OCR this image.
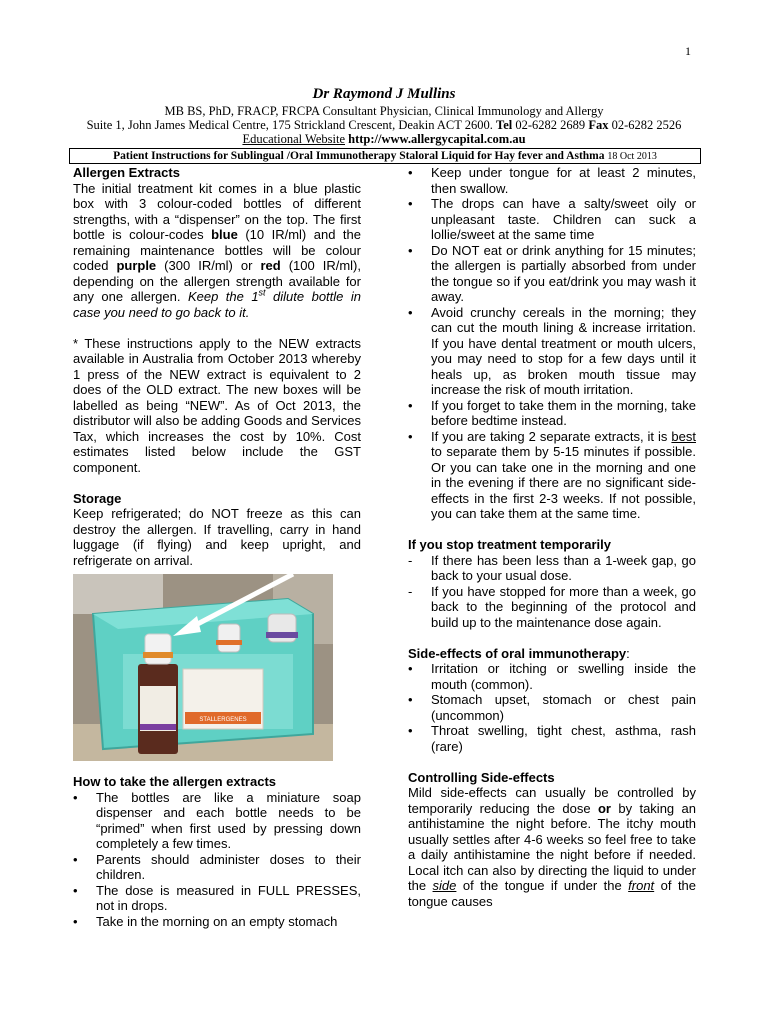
1
Dr Raymond J Mullins
MB BS, PhD, FRACP, FRCPA Consultant Physician, Clinical Immunology and Allergy
Suite 1, John James Medical Centre, 175 Strickland Crescent, Deakin ACT 2600. Tel 02-6282 2689 Fax 02-6282 2526
Educational Website http://www.allergycapital.com.au
Patient Instructions for Sublingual /Oral Immunotherapy Staloral Liquid for Hay fever and Asthma 18 Oct 2013
Allergen Extracts

The initial treatment kit comes in a blue plastic box with 3 colour-coded bottles of different strengths, with a “dispenser” on the top. The first bottle is colour-codes blue (10 IR/ml) and the remaining maintenance bottles will be colour coded purple (300 IR/ml) or red (100 IR/ml), depending on the allergen strength available for any one allergen. Keep the 1st dilute bottle in case you need to go back to it.

* These instructions apply to the NEW extracts available in Australia from October 2013 whereby 1 press of the NEW extract is equivalent to 2 does of the OLD extract. The new boxes will be labelled as being “NEW”. As of Oct 2013, the distributor will also be adding Goods and Services Tax, which increases the cost by 10%. Cost estimates listed below include the GST component.

Storage

Keep refrigerated; do NOT freeze as this can destroy the allergen. If travelling, carry in hand luggage (if flying) and keep upright, and refrigerate on arrival.

STALLERGENES
How to take the allergen extracts
• The bottles are like a miniature soap dispenser and each bottle needs to be “primed” when first used by pressing down completely a few times.
• Parents should administer doses to their children.
• The dose is measured in FULL PRESSES, not in drops.
• Take in the morning on an empty stomach
• Keep under tongue for at least 2 minutes, then swallow.
• The drops can have a salty/sweet oily or unpleasant taste. Children can suck a lollie/sweet at the same time
• Do NOT eat or drink anything for 15 minutes; the allergen is partially absorbed from under the tongue so if you eat/drink you may wash it away.
• Avoid crunchy cereals in the morning; they can cut the mouth lining & increase irritation. If you have dental treatment or mouth ulcers, you may need to stop for a few days until it heals up, as broken mouth tissue may increase the risk of mouth irritation.
• If you forget to take them in the morning, take before bedtime instead.
• If you are taking 2 separate extracts, it is best to separate them by 5-15 minutes if possible. Or you can take one in the morning and one in the evening if there are no significant side-effects in the first 2-3 weeks. If not possible, you can take them at the same time.
If you stop treatment temporarily
- If there has been less than a 1-week gap, go back to your usual dose.
- If you have stopped for more than a week, go back to the beginning of the protocol and build up to the maintenance dose again.
Side-effects of oral immunotherapy:
• Irritation or itching or swelling inside the mouth (common).
• Stomach upset, stomach or chest pain (uncommon)
• Throat swelling, tight chest, asthma, rash (rare)
Controlling Side-effects

Mild side-effects can usually be controlled by temporarily reducing the dose or by taking an antihistamine the night before. The itchy mouth usually settles after 4-6 weeks so feel free to take a daily antihistamine the night before if needed. Local itch can also by directing the liquid to under the side of the tongue if under the front of the tongue causes
